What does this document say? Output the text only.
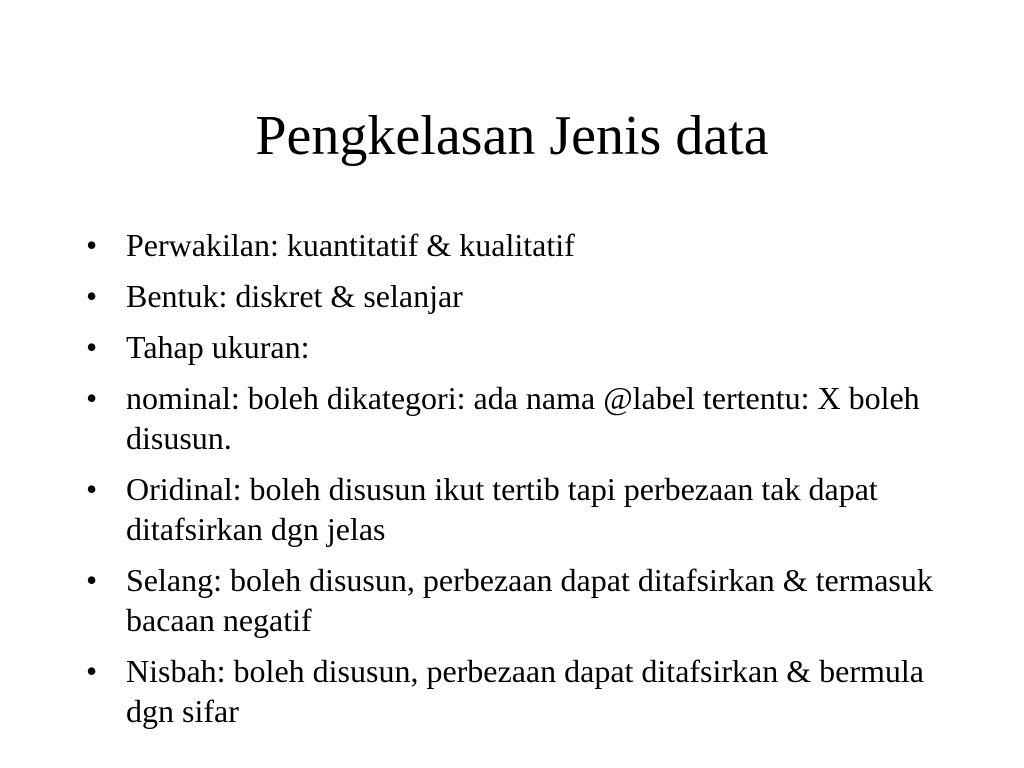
Pengkelasan Jenis data
• Perwakilan: kuantitatif & kualitatif
• Bentuk: diskret & selanjar
• Tahap ukuran:
• nominal: boleh dikategori: ada nama @label tertentu: X boleh disusun.
• Oridinal: boleh disusun ikut tertib tapi perbezaan tak dapat ditafsirkan dgn jelas
• Selang: boleh disusun, perbezaan dapat ditafsirkan & termasuk bacaan negatif
• Nisbah: boleh disusun, perbezaan dapat ditafsirkan & bermula dgn sifar
